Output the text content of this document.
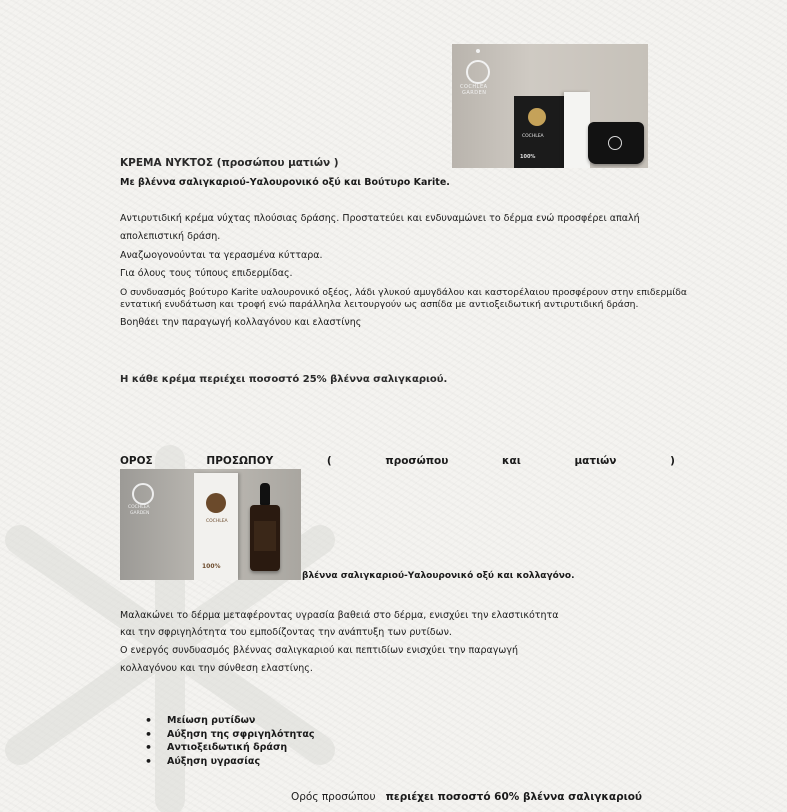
COCHLEA
GARDEN
COCHLEA
100%
ΚΡΕΜΑ ΝΥΚΤΟΣ (προσώπου ματιών )
Με βλέννα σαλιγκαριού-Υαλουρονικό οξύ και Βούτυρο Karite.
Αντιρυτιδική κρέμα νύχτας πλούσιας δράσης. Προστατεύει και ενδυναμώνει το δέρμα ενώ προσφέρει απαλή
απολεπιστική δράση.
Αναζωογονούνται τα γερασμένα κύτταρα.
Για όλους τους τύπους επιδερμίδας.
Ο συνδυασμός βούτυρο Karite υαλουρονικό οξέος, λάδι γλυκού αμυγδάλου και καστορέλαιου προσφέρουν στην επιδερμίδα
εντατική ενυδάτωση και τροφή ενώ παράλληλα λειτουργούν ως ασπίδα με αντιοξειδωτική αντιρυτιδική δράση.
Βοηθάει την παραγωγή κολλαγόνου και ελαστίνης
Η κάθε κρέμα περιέχει ποσοστό 25% βλέννα σαλιγκαριού.
ΟΡΟΣ	ΠΡΟΣΩΠΟΥ	(	προσώπου	και	ματιών	)
COCHLEA
GARDEN
COCHLEA
100%
βλέννα σαλιγκαριού-Υαλουρονικό οξύ και κολλαγόνο.
Μαλακώνει το δέρμα μεταφέροντας υγρασία βαθειά στο δέρμα, ενισχύει την ελαστικότητα
και την σφριγηλότητα του εμποδίζοντας την ανάπτυξη των ρυτίδων.
Ο ενεργός συνδυασμός βλέννας σαλιγκαριού και πεπτιδίων ενισχύει την παραγωγή
κολλαγόνου και την σύνθεση ελαστίνης.
• Μείωση ρυτίδων
• Αύξηση της σφριγηλότητας
• Αντιοξειδωτική δράση
• Αύξηση υγρασίας
Ορός προσώπου περιέχει ποσοστό 60% βλέννα σαλιγκαριού
